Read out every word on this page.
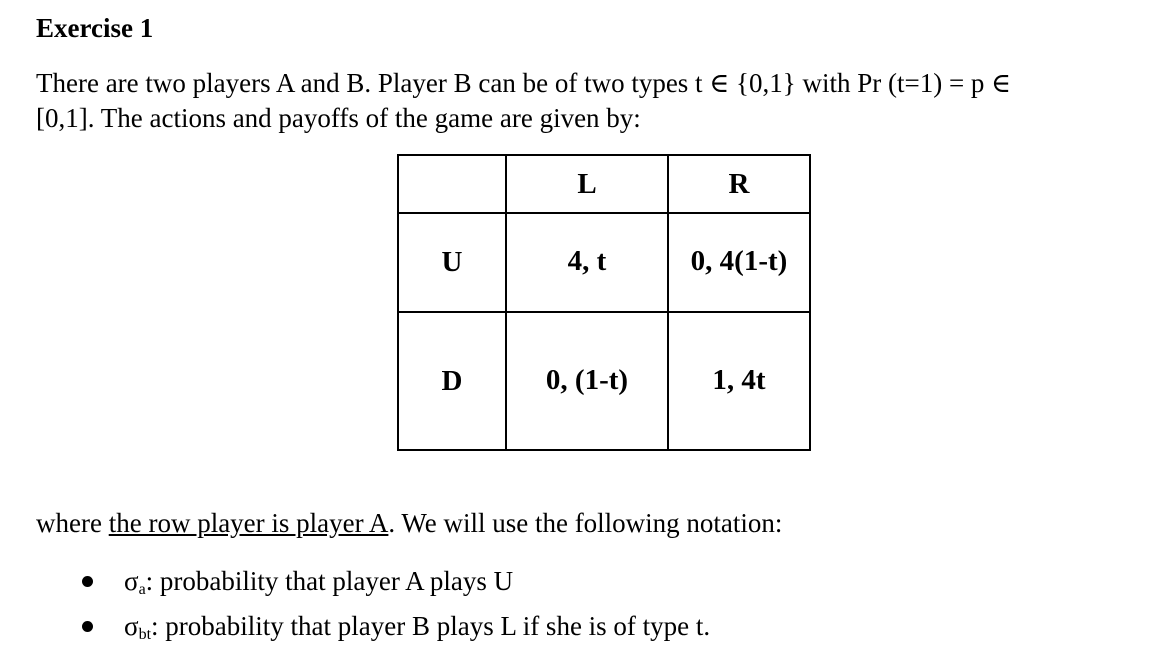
Exercise 1
There are two players A and B. Player B can be of two types t ∈ {0,1} with Pr (t=1) = p ∈
[0,1]. The actions and payoffs of the game are given by:
	L	R
U	4, t	0, 4(1-t)
D	0, (1-t)	1, 4t
where the row player is player A. We will use the following notation:
$\sigma_a$: probability that player A plays U
$\sigma_{bt}$: probability that player B plays L if she is of type t.
